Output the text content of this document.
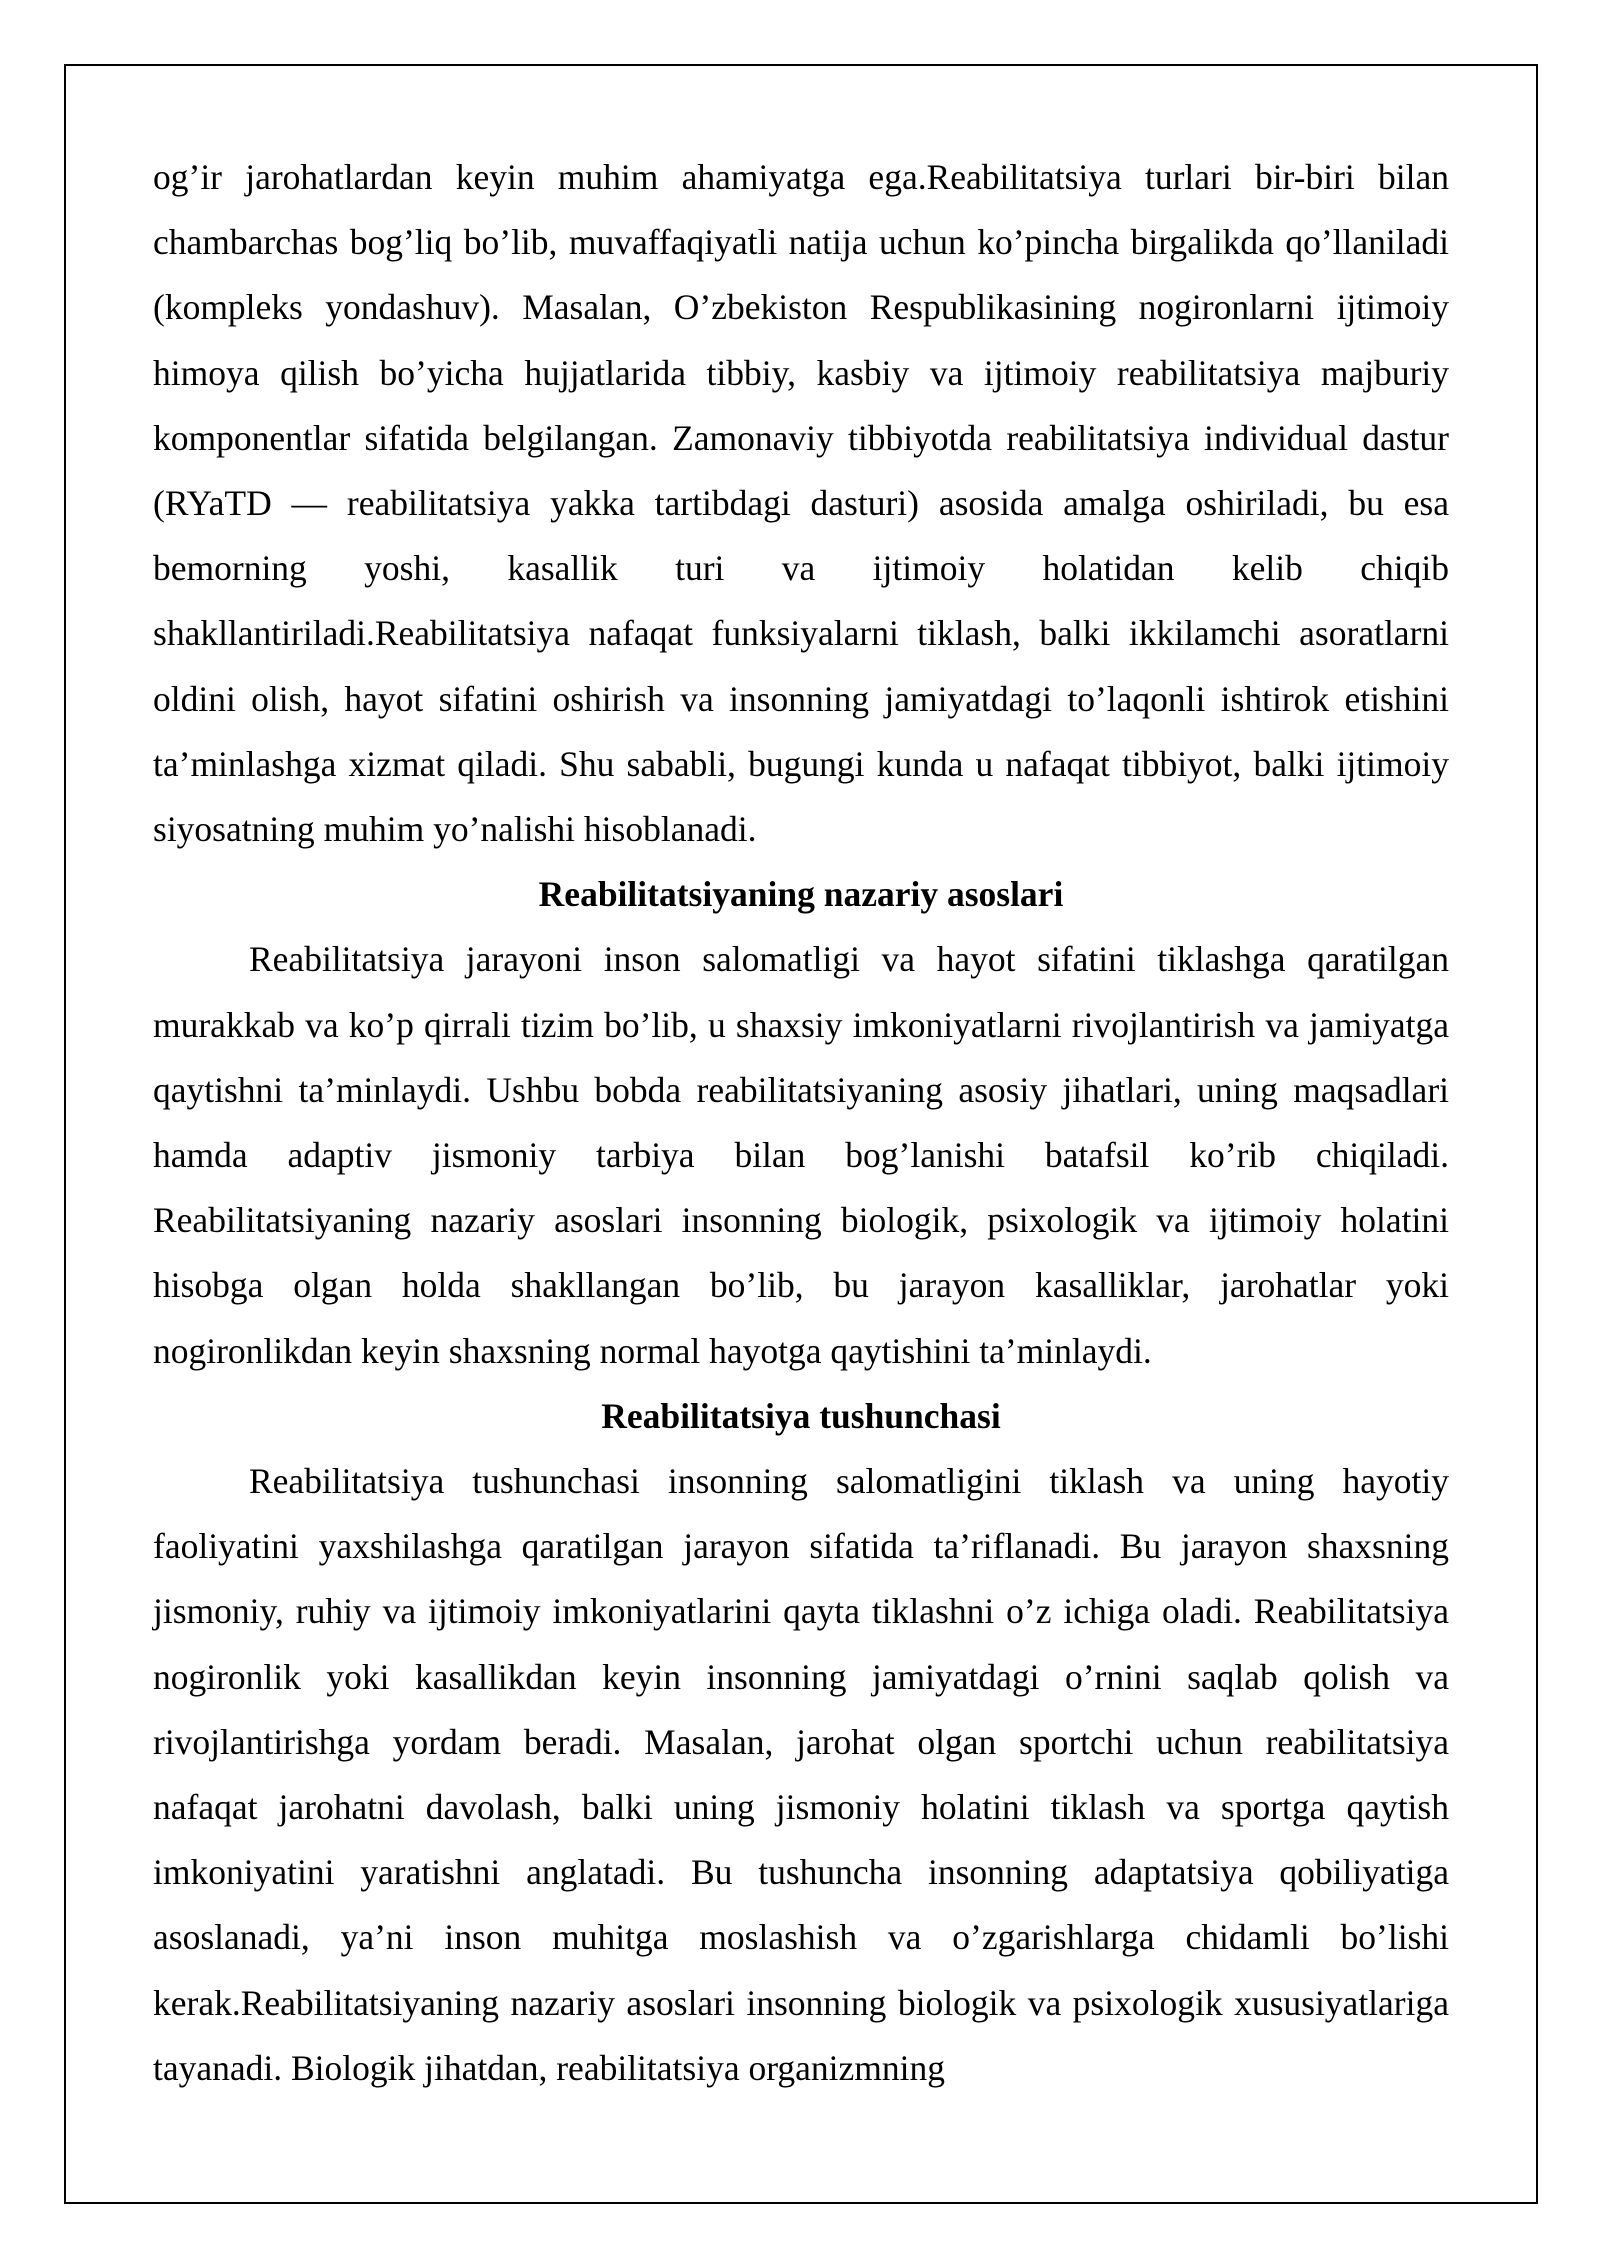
og’ir jarohatlardan keyin muhim ahamiyatga ega.Reabilitatsiya turlari bir-biri bilan chambarchas bog’liq bo’lib, muvaffaqiyatli natija uchun ko’pincha birgalikda qo’llaniladi (kompleks yondashuv). Masalan, O’zbekiston Respublikasining nogironlarni ijtimoiy himoya qilish bo’yicha hujjatlarida tibbiy, kasbiy va ijtimoiy reabilitatsiya majburiy komponentlar sifatida belgilangan. Zamonaviy tibbiyotda reabilitatsiya individual dastur (RYaTD — reabilitatsiya yakka tartibdagi dasturi) asosida amalga oshiriladi, bu esa bemorning yoshi, kasallik turi va ijtimoiy holatidan kelib chiqib shakllantiriladi.Reabilitatsiya nafaqat funksiyalarni tiklash, balki ikkilamchi asoratlarni oldini olish, hayot sifatini oshirish va insonning jamiyatdagi to’laqonli ishtirok etishini ta’minlashga xizmat qiladi. Shu sababli, bugungi kunda u nafaqat tibbiyot, balki ijtimoiy siyosatning muhim yo’nalishi hisoblanadi.

Reabilitatsiyaning nazariy asoslari

Reabilitatsiya jarayoni inson salomatligi va hayot sifatini tiklashga qaratilgan murakkab va ko’p qirrali tizim bo’lib, u shaxsiy imkoniyatlarni rivojlantirish va jamiyatga qaytishni ta’minlaydi. Ushbu bobda reabilitatsiyaning asosiy jihatlari, uning maqsadlari hamda adaptiv jismoniy tarbiya bilan bog’lanishi batafsil ko’rib chiqiladi. Reabilitatsiyaning nazariy asoslari insonning biologik, psixologik va ijtimoiy holatini hisobga olgan holda shakllangan bo’lib, bu jarayon kasalliklar, jarohatlar yoki nogironlikdan keyin shaxsning normal hayotga qaytishini ta’minlaydi.

Reabilitatsiya tushunchasi

Reabilitatsiya tushunchasi insonning salomatligini tiklash va uning hayotiy faoliyatini yaxshilashga qaratilgan jarayon sifatida ta’riflanadi. Bu jarayon shaxsning jismoniy, ruhiy va ijtimoiy imkoniyatlarini qayta tiklashni o’z ichiga oladi. Reabilitatsiya nogironlik yoki kasallikdan keyin insonning jamiyatdagi o’rnini saqlab qolish va rivojlantirishga yordam beradi. Masalan, jarohat olgan sportchi uchun reabilitatsiya nafaqat jarohatni davolash, balki uning jismoniy holatini tiklash va sportga qaytish imkoniyatini yaratishni anglatadi. Bu tushuncha insonning adaptatsiya qobiliyatiga asoslanadi, ya’ni inson muhitga moslashish va o’zgarishlarga chidamli bo’lishi kerak.Reabilitatsiyaning nazariy asoslari insonning biologik va psixologik xususiyatlariga tayanadi. Biologik jihatdan, reabilitatsiya organizmning
